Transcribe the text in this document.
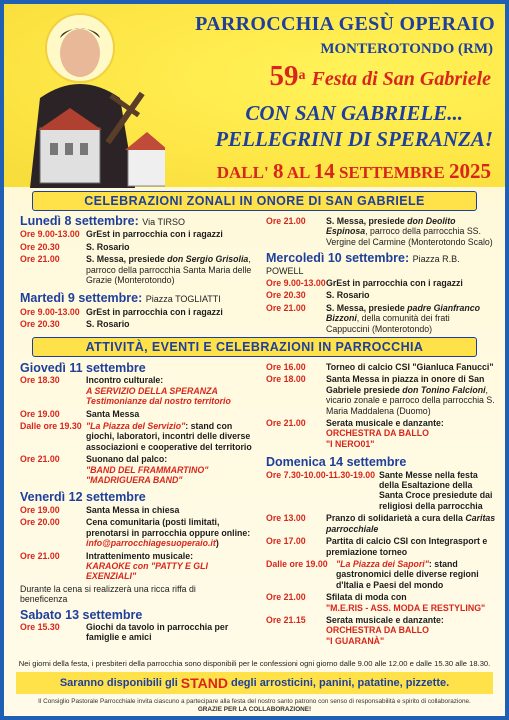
PARROCCHIA GESÙ OPERAIO
MONTEROTONDO (RM)
59a Festa di San Gabriele
CON SAN GABRIELE...
PELLEGRINI DI SPERANZA!
DALL' 8 AL 14 SETTEMBRE 2025
CELEBRAZIONI ZONALI IN ONORE DI SAN GABRIELE
Lunedì 8 settembre: Via TIRSO
Ore 9.00-13.00 GrEst in parrocchia con i ragazzi
Ore 20.30	S. Rosario
Ore 21.00	S. Messa, presiede don Sergio Grisolia, parroco della parrocchia Santa Maria delle Grazie (Monterotondo)
Martedì 9 settembre: Piazza TOGLIATTI
Ore 9.00-13.00 GrEst in parrocchia con i ragazzi
Ore 20.30	S. Rosario
Ore 21.00	S. Messa, presiede don Deolito Espinosa, parroco della parrocchia SS. Vergine del Carmine (Monterotondo Scalo)
Mercoledì 10 settembre: Piazza R.B. POWELL
Ore 9.00-13.00 GrEst in parrocchia con i ragazzi
Ore 20.30	S. Rosario
Ore 21.00	S. Messa, presiede padre Gianfranco Bizzoni, della comunità dei frati Cappuccini (Monterotondo)
ATTIVITÀ, EVENTI E CELEBRAZIONI IN PARROCCHIA
Giovedì 11 settembre
Ore 18.30	Incontro culturale:
A SERVIZIO DELLA SPERANZA
Testimonianze dal nostro territorio
Ore 19.00	Santa Messa
Dalle ore 19.30 "La Piazza del Servizio": stand con giochi, laboratori, incontri delle diverse associazioni e cooperative del territorio
Ore 21.00	Suonano dal palco:
"BAND DEL FRAMMARTINO"
"MADRIGUERA BAND"
Venerdì 12 settembre
Ore 19.00	Santa Messa in chiesa
Ore 20.00	Cena comunitaria (posti limitati, prenotarsi in parrocchia oppure online: info@parrocchiagesuoperaio.it)
Ore 21.00	Intrattenimento musicale:
KARAOKE con "PATTY E GLI EXENZIALI"
Durante la cena si realizzerà una ricca riffa di beneficenza
Sabato 13 settembre
Ore 15.30	Giochi da tavolo in parrocchia per famiglie e amici
Ore 16.00	Torneo di calcio CSI "Gianluca Fanucci"
Ore 18.00	Santa Messa in piazza in onore di San Gabriele presiede don Tonino Falcioni, vicario zonale e parroco della parrocchia S. Maria Maddalena (Duomo)
Ore 21.00	Serata musicale e danzante:
ORCHESTRA DA BALLO
"I NERO01"
Domenica 14 settembre
Ore 7.30-10.00-11.30-19.00 Sante Messe nella festa della Esaltazione della Santa Croce presiedute dai religiosi della parrocchia
Ore 13.00	Pranzo di solidarietà a cura della Caritas parrocchiale
Ore 17.00	Partita di calcio CSI con Integrasport e premiazione torneo
Dalle ore 19.00 "La Piazza dei Sapori": stand gastronomici delle diverse regioni d'Italia e Paesi del mondo
Ore 21.00	Sfilata di moda con
"M.E.RIS - ASS. MODA E RESTYLING"
Ore 21.15	Serata musicale e danzante:
ORCHESTRA DA BALLO
"I GUARANÀ"
Nei giorni della festa, i presbiteri della parrocchia sono disponibili per le confessioni ogni giorno dalle 9.00 alle 12.00 e dalle 15.30 alle 18.30.
Saranno disponibili gli STAND degli arrosticini, panini, patatine, pizzette.
Il Consiglio Pastorale Parrocchiale invita ciascuno a partecipare alla festa del nostro santo patrono con senso di responsabilità e spirito di collaborazione.
GRAZIE PER LA COLLABORAZIONE!
